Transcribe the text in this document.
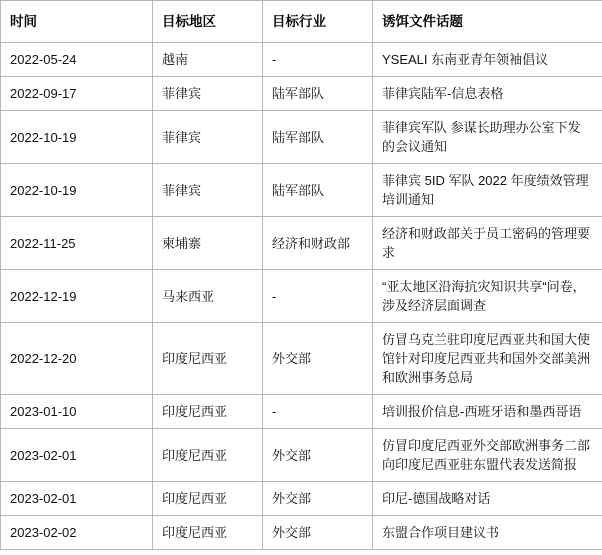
时间	目标地区	目标行业	诱饵文件话题
2022-05-24	越南	-	YSEALI 东南亚青年领袖倡议
2022-09-17	菲律宾	陆军部队	菲律宾陆军-信息表格
2022-10-19	菲律宾	陆军部队	菲律宾军队 参谋长助理办公室下发的会议通知
2022-10-19	菲律宾	陆军部队	菲律宾 5ID 军队 2022 年度绩效管理培训通知
2022-11-25	柬埔寨	经济和财政部	经济和财政部关于员工密码的管理要求
2022-12-19	马来西亚	-	“亚太地区沿海抗灾知识共享“问卷，涉及经济层面调查
2022-12-20	印度尼西亚	外交部	仿冒乌克兰驻印度尼西亚共和国大使馆针对印度尼西亚共和国外交部美洲和欧洲事务总局
2023-01-10	印度尼西亚	-	培训报价信息-西班牙语和墨西哥语
2023-02-01	印度尼西亚	外交部	仿冒印度尼西亚外交部欧洲事务二部向印度尼西亚驻东盟代表发送简报
2023-02-01	印度尼西亚	外交部	印尼-德国战略对话
2023-02-02	印度尼西亚	外交部	东盟合作项目建议书
